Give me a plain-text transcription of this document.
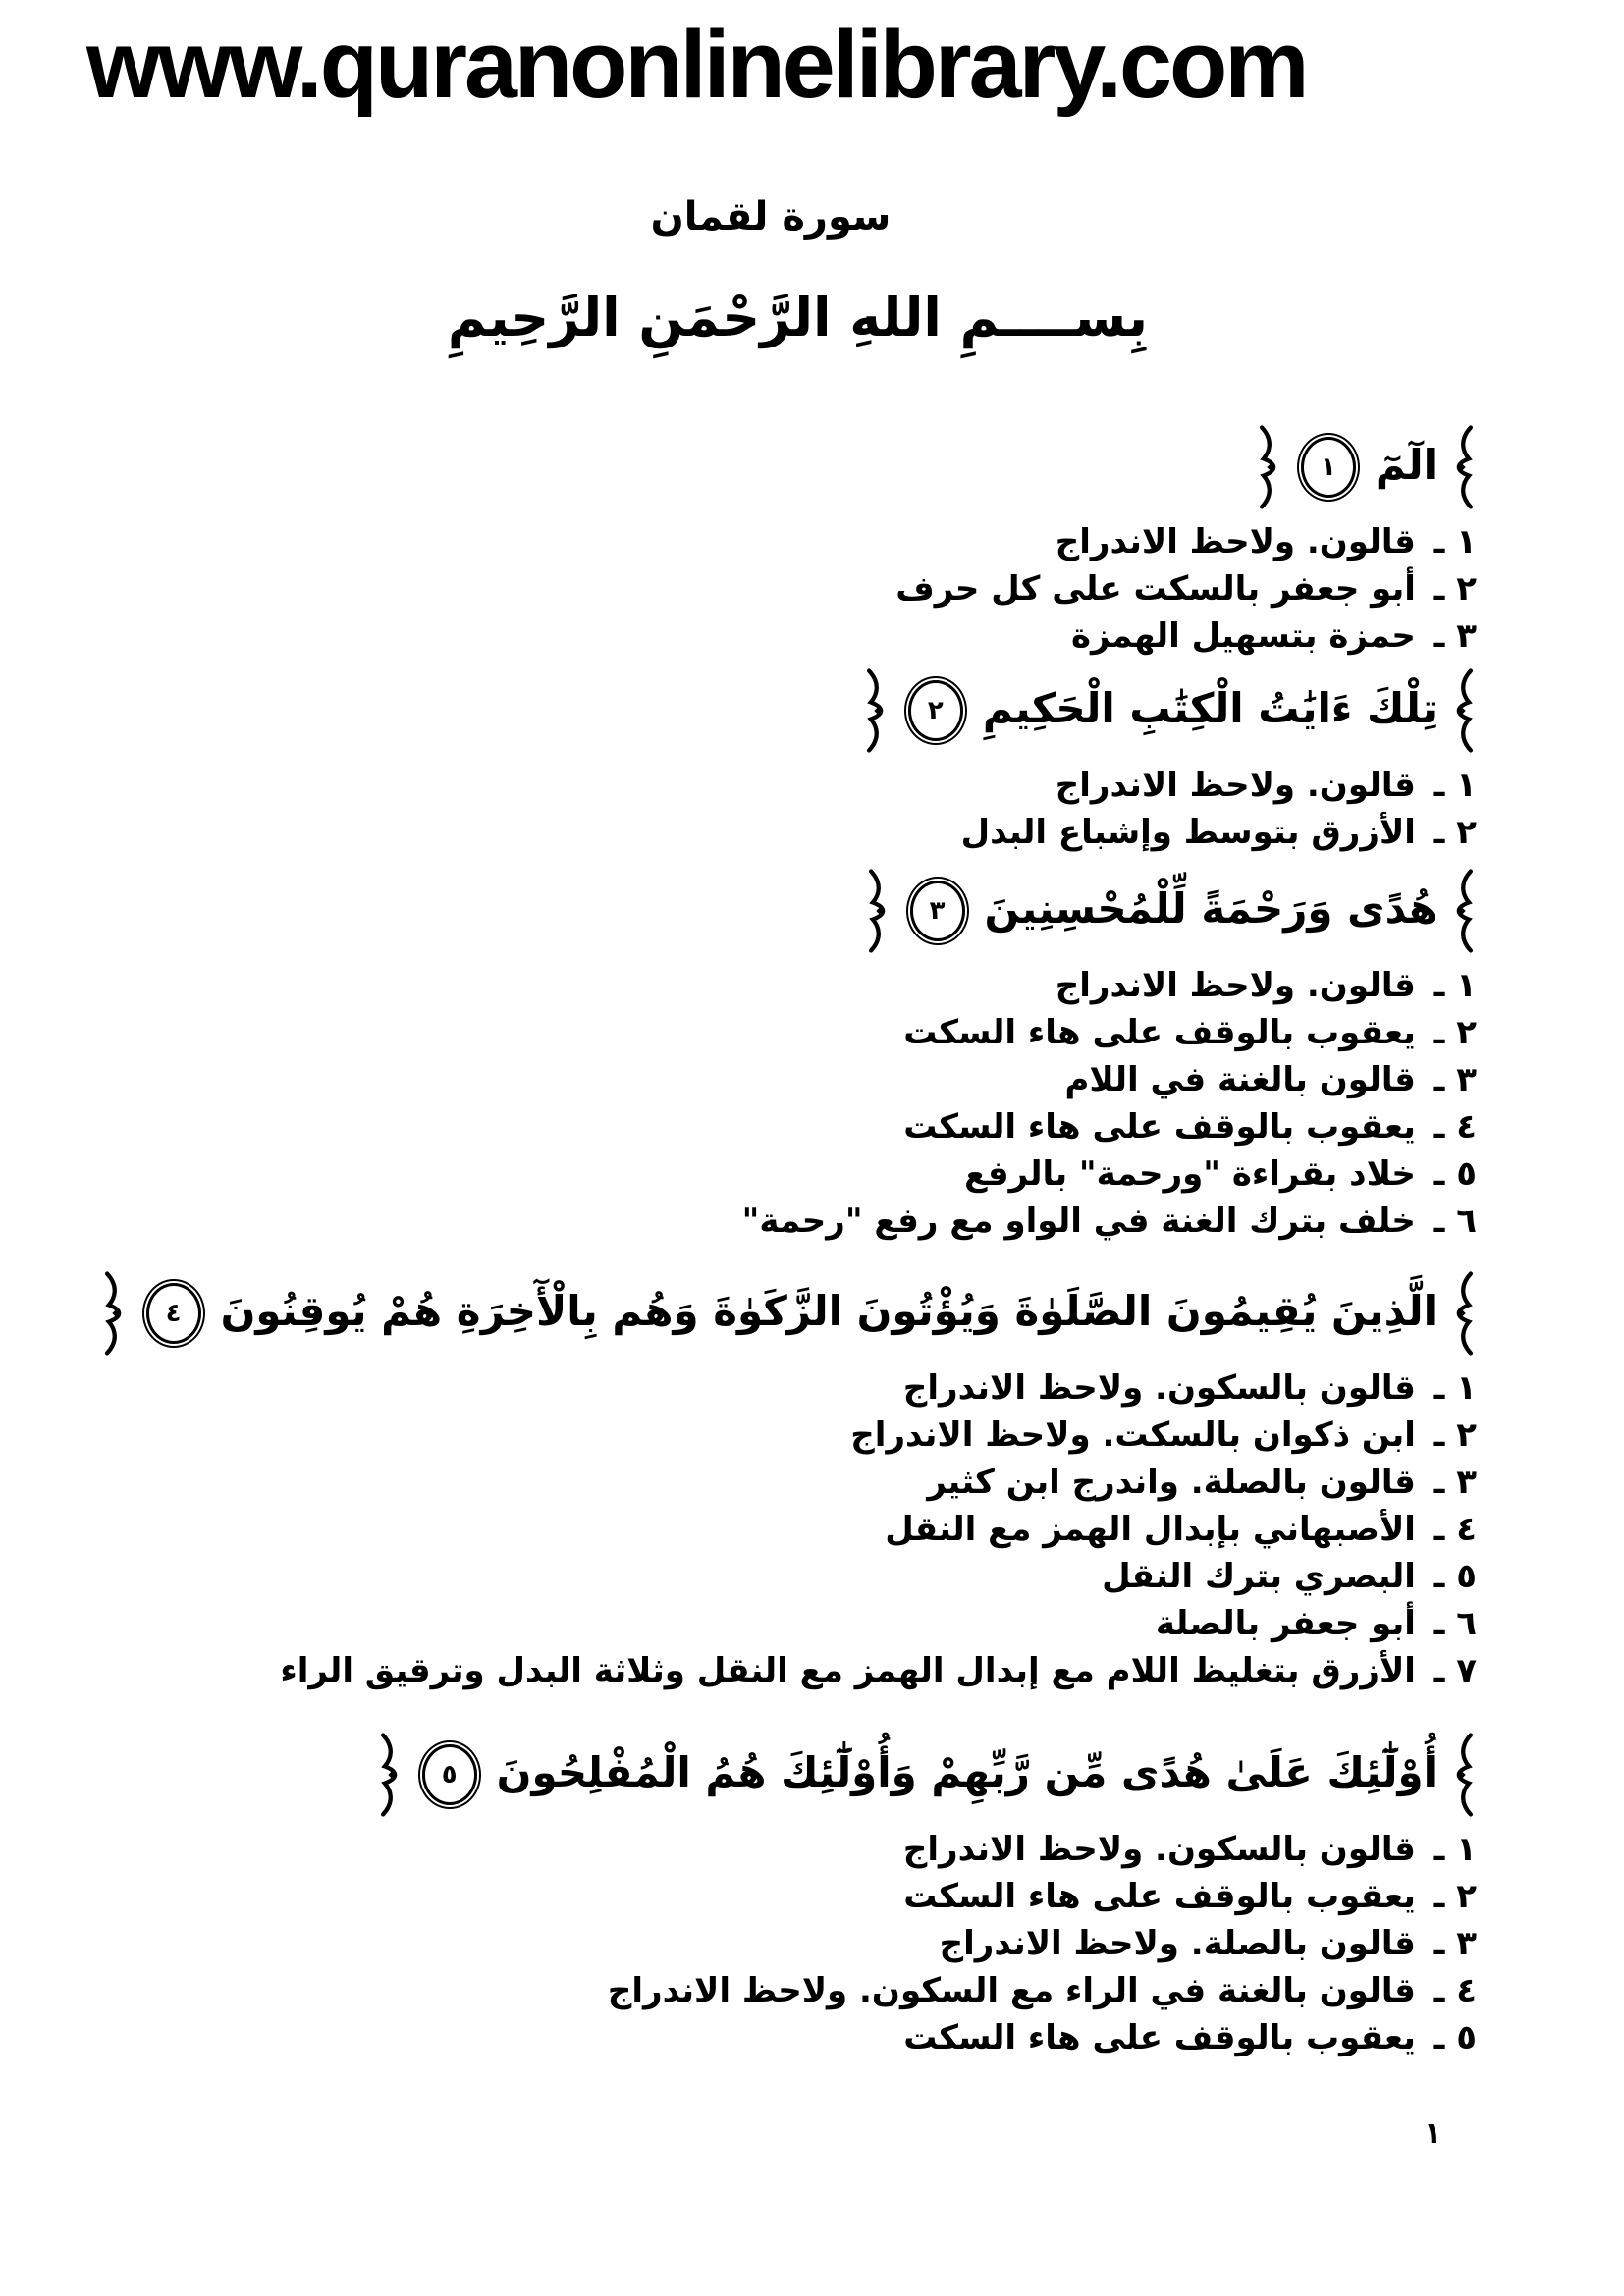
www.quranonlinelibrary.com
سورة لقمان
بِســــمِ اللهِ الرَّحْمَنِ الرَّحِيمِ
الٓمٓ
١
١ ـ قالون. ولاحظ الاندراج
٢ ـ أبو جعفر بالسكت على كل حرف
٣ ـ حمزة بتسهيل الهمزة
تِلْكَ ءَايَٰتُ الْكِتَٰبِ الْحَكِيمِ
٢
١ ـ قالون. ولاحظ الاندراج
٢ ـ الأزرق بتوسط وإشباع البدل
هُدًى وَرَحْمَةً لِّلْمُحْسِنِينَ
٣
١ ـ قالون. ولاحظ الاندراج
٢ ـ يعقوب بالوقف على هاء السكت
٣ ـ قالون بالغنة في اللام
٤ ـ يعقوب بالوقف على هاء السكت
٥ ـ خلاد بقراءة "ورحمة" بالرفع
٦ ـ خلف بترك الغنة في الواو مع رفع "رحمة"
الَّذِينَ يُقِيمُونَ الصَّلَوٰةَ وَيُؤْتُونَ الزَّكَوٰةَ وَهُم بِالْأٓخِرَةِ هُمْ يُوقِنُونَ
٤
١ ـ قالون بالسكون. ولاحظ الاندراج
٢ ـ ابن ذكوان بالسكت. ولاحظ الاندراج
٣ ـ قالون بالصلة. واندرج ابن كثير
٤ ـ الأصبهاني بإبدال الهمز مع النقل
٥ ـ البصري بترك النقل
٦ ـ أبو جعفر بالصلة
٧ ـ الأزرق بتغليظ اللام مع إبدال الهمز مع النقل وثلاثة البدل وترقيق الراء
أُوْلَٰٓئِكَ عَلَىٰ هُدًى مِّن رَّبِّهِمْ وَأُوْلَٰٓئِكَ هُمُ الْمُفْلِحُونَ
٥
١ ـ قالون بالسكون. ولاحظ الاندراج
٢ ـ يعقوب بالوقف على هاء السكت
٣ ـ قالون بالصلة. ولاحظ الاندراج
٤ ـ قالون بالغنة في الراء مع السكون. ولاحظ الاندراج
٥ ـ يعقوب بالوقف على هاء السكت
١
